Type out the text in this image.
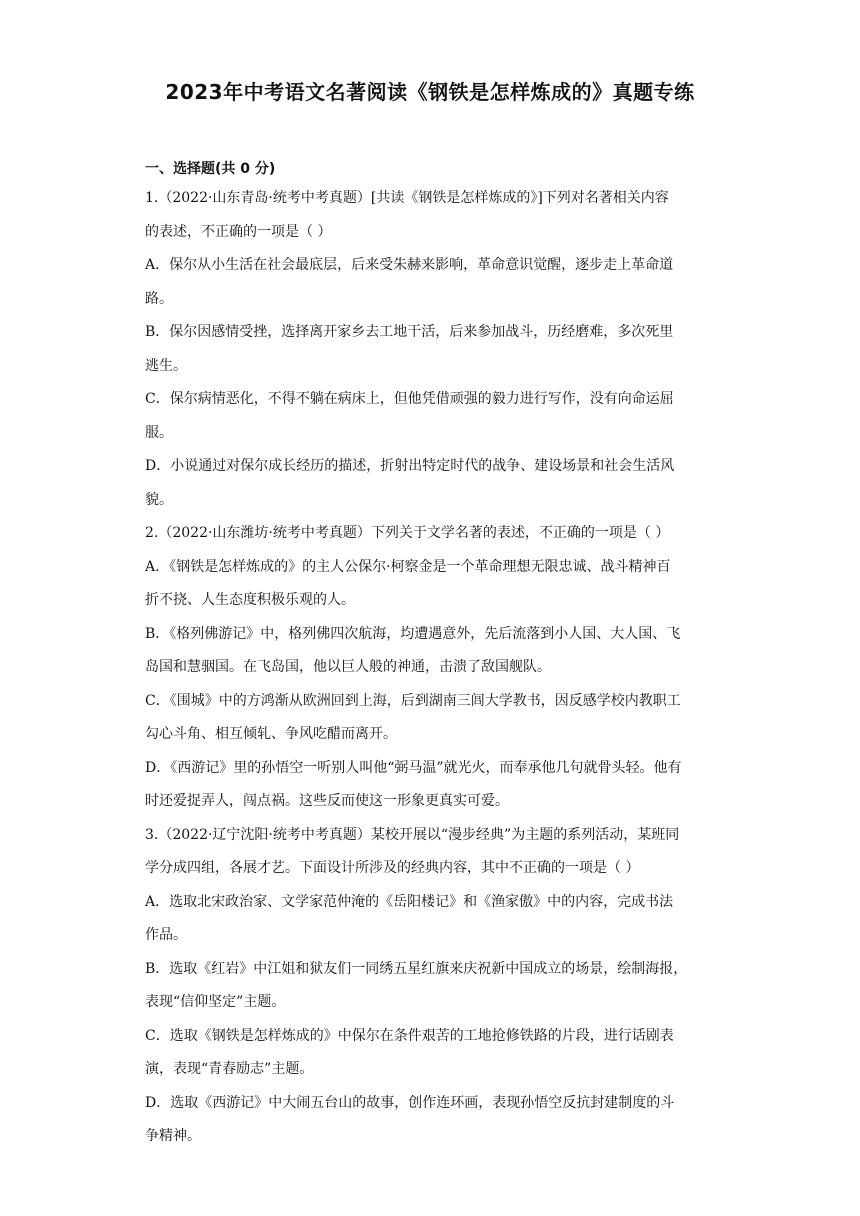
2023年中考语文名著阅读《钢铁是怎样炼成的》真题专练
一、选择题(共 0 分)

1.（2022·山东青岛·统考中考真题）[共读《钢铁是怎样炼成的》]下列对名著相关内容

的表述，不正确的一项是（ ）

A．保尔从小生活在社会最底层，后来受朱赫来影响，革命意识觉醒，逐步走上革命道

路。

B．保尔因感情受挫，选择离开家乡去工地干活，后来参加战斗，历经磨难，多次死里

逃生。

C．保尔病情恶化，不得不躺在病床上，但他凭借顽强的毅力进行写作，没有向命运屈

服。

D．小说通过对保尔成长经历的描述，折射出特定时代的战争、建设场景和社会生活风

貌。

2.（2022·山东潍坊·统考中考真题）下列关于文学名著的表述，不正确的一项是（ ）

A．《钢铁是怎样炼成的》的主人公保尔·柯察金是一个革命理想无限忠诚、战斗精神百

折不挠、人生态度积极乐观的人。

B．《格列佛游记》中，格列佛四次航海，均遭遇意外，先后流落到小人国、大人国、飞

岛国和慧骃国。在飞岛国，他以巨人般的神通，击溃了敌国舰队。

C．《围城》中的方鸿渐从欧洲回到上海，后到湖南三闾大学教书，因反感学校内教职工

勾心斗角、相互倾轧、争风吃醋而离开。

D．《西游记》里的孙悟空一听别人叫他“弼马温”就光火，而奉承他几句就骨头轻。他有

时还爱捉弄人，闯点祸。这些反而使这一形象更真实可爱。

3.（2022·辽宁沈阳·统考中考真题）某校开展以“漫步经典”为主题的系列活动，某班同

学分成四组，各展才艺。下面设计所涉及的经典内容，其中不正确的一项是（ ）

A．选取北宋政治家、文学家范仲淹的《岳阳楼记》和《渔家傲》中的内容，完成书法

作品。

B．选取《红岩》中江姐和狱友们一同绣五星红旗来庆祝新中国成立的场景，绘制海报，

表现“信仰坚定”主题。

C．选取《钢铁是怎样炼成的》中保尔在条件艰苦的工地抢修铁路的片段，进行话剧表

演，表现“青春励志”主题。

D．选取《西游记》中大闹五台山的故事，创作连环画，表现孙悟空反抗封建制度的斗

争精神。
